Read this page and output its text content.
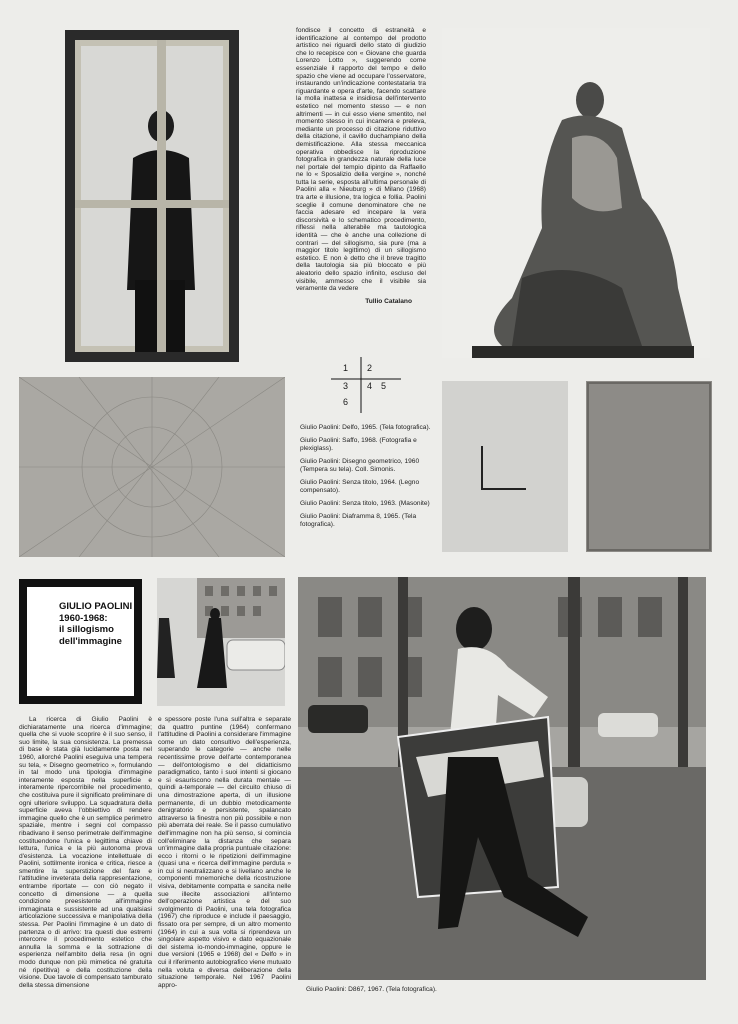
fondisce il concetto di estraneità e identificazione al contempo del prodotto artistico nei riguardi dello stato di giudizio che lo recepisce con « Giovane che guarda Lorenzo Lotto », suggerendo come essenziale il rapporto del tempo e dello spazio che viene ad occupare l'osservatore, instaurando un'indicazione contestataria tra riguardante e opera d'arte, facendo scattare la molla inattesa e insidiosa dell'intervento estetico nel momento stesso — e non altrimenti — in cui esso viene smentito, nel momento stesso in cui incamera e preleva, mediante un processo di citazione riduttivo della citazione, il cavillo duchampiano della demistificazione. Alla stessa meccanica operativa obbedisce la riproduzione fotografica in grandezza naturale della luce nel portale del tempio dipinto da Raffaello ne lo « Sposalizio della vergine », nonché tutta la serie, esposta all'ultima personale di Paolini alla « Nieuburg » di Milano (1968) tra arte e illusione, tra logica e follia. Paolini sceglie il comune denominatore che ne faccia adesare ed incepare la vera discorsività e lo schematico procedimento, riflessi nella alterabile ma tautologica identità — che è anche una collezione di contrari — del sillogismo, sia pure (ma a maggior titolo legittimo) di un sillogismo estetico. E non è detto che il breve tragitto della tautologia sia più bloccato e più aleatorio dello spazio infinito, escluso del visibile, ammesso che il visibile sia veramente da vedere
Tullio Catalano
1 2
3 4 5
6
Giulio Paolini: Delfo, 1965. (Tela fotografica).
Giulio Paolini: Saffo, 1968. (Fotografia e plexiglass).
Giulio Paolini: Disegno geometrico, 1960 (Tempera su tela). Coll. Simonis.
Giulio Paolini: Senza titolo, 1964. (Legno compensato).
Giulio Paolini: Senza titolo, 1963. (Masonite)
Giulio Paolini: Diaframma 8, 1965. (Tela fotografica).
GIULIO PAOLINI
1960-1968:
il sillogismo
dell'immagine
La ricerca di Giulio Paolini è dichiaratamente una ricerca d'immagine; quella che si vuole scoprire è il suo senso, il suo limite, la sua consistenza. La premessa di base è stata già lucidamente posta nel 1960, allorché Paolini eseguiva una tempera su tela, « Disegno geometrico », formulando in tal modo una tipologia d'immagine interamente esposta nella superficie e interamente ripercorribile nel procedimento, che costituiva pure il significato preliminare di ogni ulteriore sviluppo. La squadratura della superficie aveva l'obbiettivo di rendere immagine quello che è un semplice perimetro spaziale, mentre i segni col compasso ribadivano il senso perimetrale dell'immagine costituendone l'unica e legittima chiave di lettura, l'unica e la più autonoma prova d'esistenza. La vocazione intellettuale di Paolini, sottilmente ironica e critica, riesce a smentire la superstizione del fare e l'attitudine inveterata della rappresentazione, entrambe riportate — con ciò negato il concetto di dimensione — a quella condizione preesistente all'immagine immaginata e sussistente ad una qualsiasi articolazione successiva e manipolativa della stessa. Per Paolini l'immagine è un dato di partenza o di arrivo: tra questi due estremi intercorre il procedimento estetico che annulla la somma e la sottrazione di esperienza nell'ambito della resa (in ogni modo dunque non più mimetica né gratuita né ripetitiva) e della costituzione della visione. Due tavole di compensato tamburato della stessa dimensione
e spessore poste l'una sull'altra e separate da quattro puntine (1964) confermano l'attitudine di Paolini a considerare l'immagine come un dato consultivo dell'esperienza, superando le categorie — anche nelle recentissime prove dell'arte contemporanea — dell'ontologismo e del didatticismo paradigmatico, tanto i suoi intenti si giocano e si esauriscono nella durata mentale — quindi a-temporale — del circuito chiuso di una dimostrazione aperta, di un illusione permanente, di un dubbio metodicamente denigratorio e persistente, spalancato attraverso la finestra non più possibile e non più aberrata dei reale. Se il passo cumulativo dell'immagine non ha più senso, si comincia coll'eliminare la distanza che separa un'immagine dalla propria puntuale citazione: ecco i ritorni o le ripetizioni dell'immagine (quasi una « ricerca dell'immagine perduta » in cui si neutralizzano e si livellano anche le componenti mnemoniche della ricostruzione visiva, debitamente compatta e sancita nelle sue illecite associazioni all'interno dell'operazione artistica e del suo svolgimento di Paolini, una tela fotografica (1967) che riproduce e include il paesaggio, fissato ora per sempre, di un altro momento (1964) in cui a sua volta si riprendeva un singolare aspetto visivo e dato equazionale del sistema io-mondo-immagine, oppure le due versioni (1965 e 1968) del « Delfo » in cui il riferimento autobiografico viene mutuato nella voluta e diversa deliberazione della situazione temporale. Nel 1967 Paolini appro-
Giulio Paolini: D867, 1967. (Tela fotografica).
